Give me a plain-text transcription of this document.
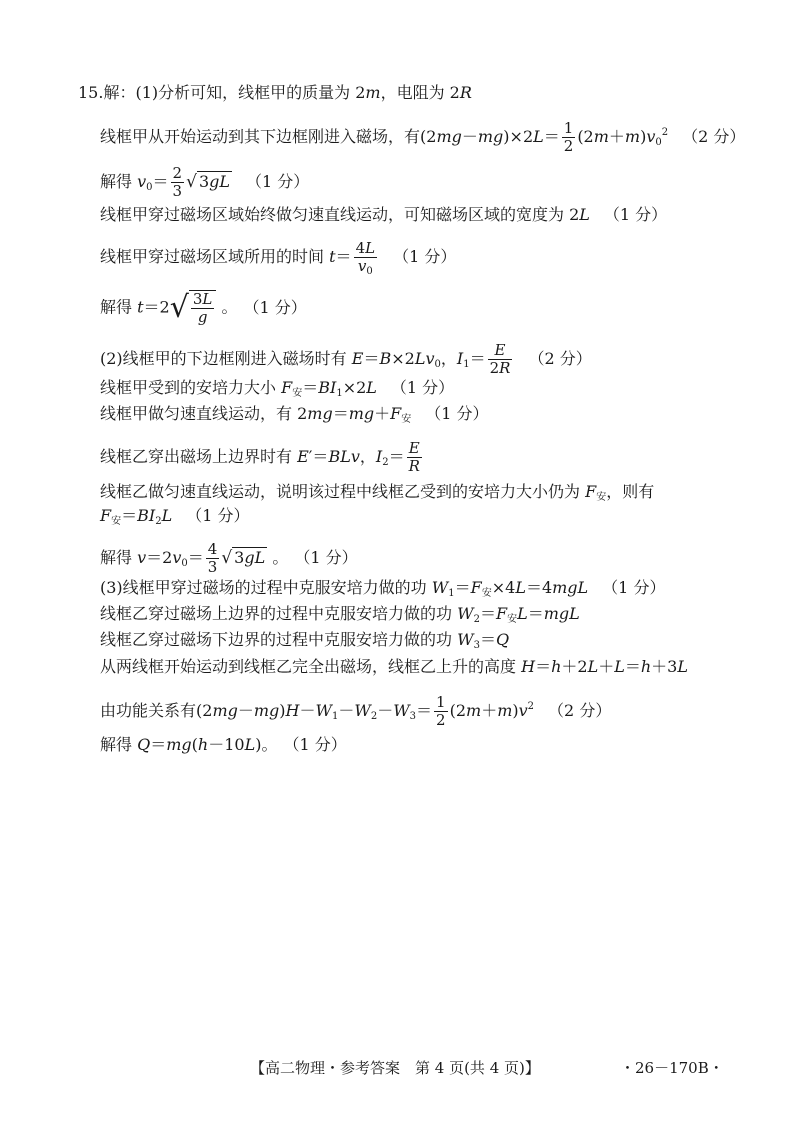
15.解：(1)分析可知，线框甲的质量为 2m，电阻为 2R
线框甲从开始运动到其下边框刚进入磁场，有$(2mg-mg)\times 2L= \frac{1}{2} (2m+m)v_0^2$ （2 分）
解得 $v_0= \frac{2}{3}$ √ 3gL （1 分）
线框甲穿过磁场区域始终做匀速直线运动，可知磁场区域的宽度为 2L （1 分）
线框甲穿过磁场区域所用的时间 $t= \frac{4L}{v_0} (1$ 分）
解得 $t=2√ \frac{3L}{g}$ 。 （1 分）
(2)线框甲的下边框刚进入磁场时有 $E=B\times 2Lv_0$，$I_1= \frac{E}{2R} (2$ 分）
线框甲受到的安培力大小 $F_安=BI_1\times 2L$ （1 分）
线框甲做匀速直线运动，有 $2mg=mg+F_安$ （1 分）
线框乙穿出磁场上边界时有 E′＝BLv，$I_2= \frac{E}{R}$
线框乙做匀速直线运动，说明该过程中线框乙受到的安培力大小仍为 $F_安$，则有
$F_安=BI_2L$ （1 分）
解得 $v=2v_0= \frac{4}{3}$ √ 3gL 。 （1 分）
(3)线框甲穿过磁场的过程中克服安培力做的功 $W_1=F_安\times 4L=4mgL$ （1 分）
线框乙穿过磁场上边界的过程中克服安培力做的功 $W_2=F_安L=mgL$
线框乙穿过磁场下边界的过程中克服安培力做的功 $W_3=Q$
从两线框开始运动到线框乙完全出磁场，线框乙上升的高度 H＝h＋2L＋L＝h＋3L
由功能关系有$(2mg-mg)H-W_1-W_2-W_3= \frac{1}{2} (2m+m)v^2$ （2 分）
解得 Q＝mg(h－10L)。 （1 分）
【高二物理・参考答案　第 4 页(共 4 页)】	・26－170B・
